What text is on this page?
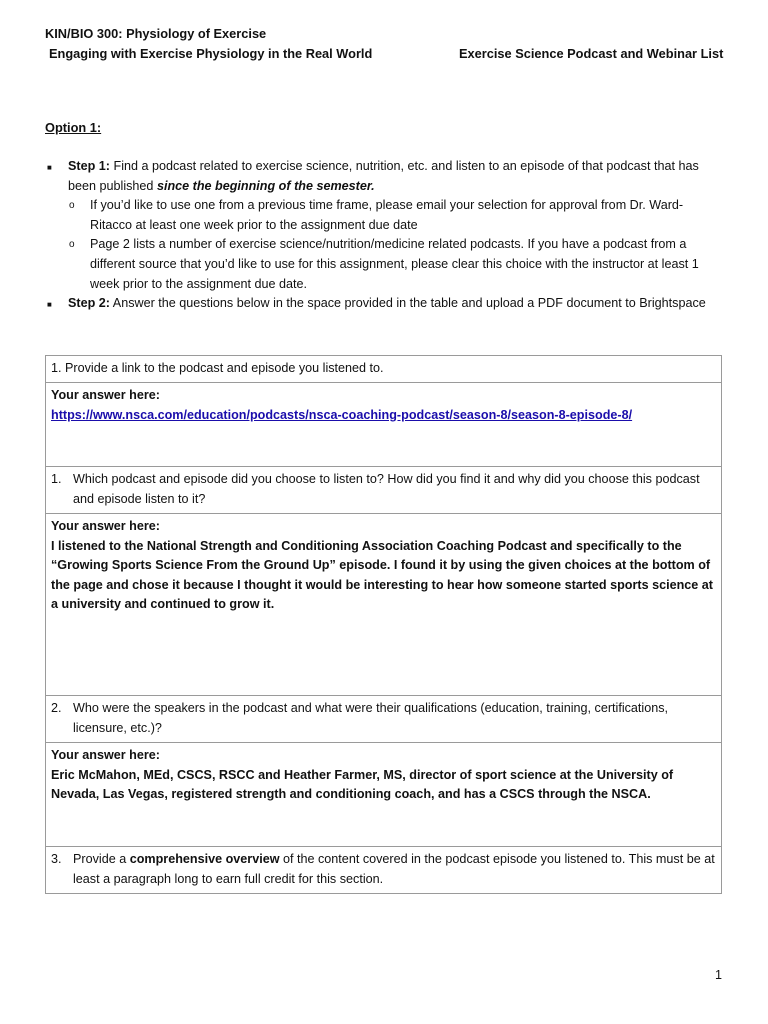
KIN/BIO 300: Physiology of Exercise
Engaging with Exercise Physiology in the Real World	Exercise Science Podcast and Webinar List
Option 1:
■ Step 1: Find a podcast related to exercise science, nutrition, etc. and listen to an episode of that podcast that has been published since the beginning of the semester.
o If you’d like to use one from a previous time frame, please email your selection for approval from Dr. Ward-Ritacco at least one week prior to the assignment due date
o Page 2 lists a number of exercise science/nutrition/medicine related podcasts. If you have a podcast from a different source that you’d like to use for this assignment, please clear this choice with the instructor at least 1 week prior to the assignment due date.
■ Step 2: Answer the questions below in the space provided in the table and upload a PDF document to Brightspace
1. Provide a link to the podcast and episode you listened to.

Your answer here:
https://www.nsca.com/education/podcasts/nsca-coaching-podcast/season-8/season-8-episode-8/

1. Which podcast and episode did you choose to listen to? How did you find it and why did you choose this podcast and episode listen to it?

Your answer here:
I listened to the National Strength and Conditioning Association Coaching Podcast and specifically to the “Growing Sports Science From the Ground Up” episode. I found it by using the given choices at the bottom of the page and chose it because I thought it would be interesting to hear how someone started sports science at a university and continued to grow it.

2. Who were the speakers in the podcast and what were their qualifications (education, training, certifications, licensure, etc.)?

Your answer here:
Eric McMahon, MEd, CSCS, RSCC and Heather Farmer, MS, director of sport science at the University of Nevada, Las Vegas, registered strength and conditioning coach, and has a CSCS through the NSCA.

3. Provide a comprehensive overview of the content covered in the podcast episode you listened to. This must be at least a paragraph long to earn full credit for this section.
1
